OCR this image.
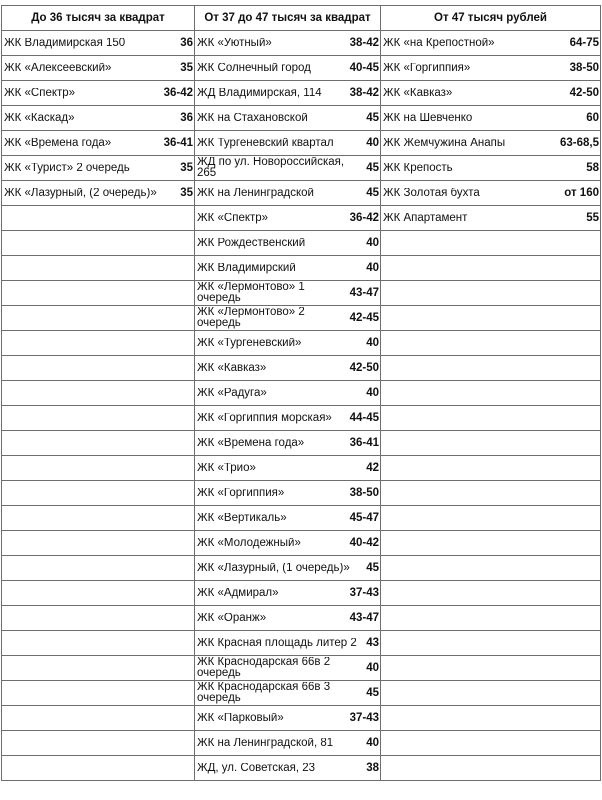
До 36 тысяч за квадрат	От 37 до 47 тысяч за квадрат	От 47 тысяч рублей

ЖК Владимирская 150 36	ЖК «Уютный» 38-42	ЖК «на Крепостной» 64-75

ЖК «Алексеевский» 35	ЖК Солнечный город 40-45	ЖК «Горгиппия» 38-50

ЖК «Спектр» 36-42	ЖД Владимирская, 114 38-42	ЖК «Кавказ» 42-50

ЖК «Каскад» 36	ЖК на Стахановской 45	ЖК на Шевченко 60

ЖК «Времена года» 36-41	ЖК Тургеневский квартал 40	ЖК Жемчужина Анапы 63-68,5

ЖК «Турист» 2 очередь 35	ЖД по ул. Новороссийская, 265 45	ЖК Крепость 58

ЖК «Лазурный, (2 очередь)» 35	ЖК на Ленинградской 45	ЖК Золотая бухта от 160

	ЖК «Спектр» 36-42	ЖК Апартамент 55

	ЖК Рождественский 40	

	ЖК Владимирский 40	

	ЖК «Лермонтово» 1 очередь 43-47	

	ЖК «Лермонтово» 2 очередь 42-45	

	ЖК «Тургеневский» 40	

	ЖК «Кавказ» 42-50	

	ЖК «Радуга» 40	

	ЖК «Горгиппия морская» 44-45	

	ЖК «Времена года» 36-41	

	ЖК «Трио» 42	

	ЖК «Горгиппия» 38-50	

	ЖК «Вертикаль» 45-47	

	ЖК «Молодежный» 40-42	

	ЖК «Лазурный, (1 очередь)» 45	

	ЖК «Адмирал» 37-43	

	ЖК «Оранж» 43-47	

	ЖК Красная площадь литер 2 43	

	ЖК Краснодарская 66в 2 очередь 40	

	ЖК Краснодарская 66в 3 очередь 45	

	ЖК «Парковый» 37-43	

	ЖК на Ленинградской, 81 40	

	ЖД, ул. Советская, 23 38	
